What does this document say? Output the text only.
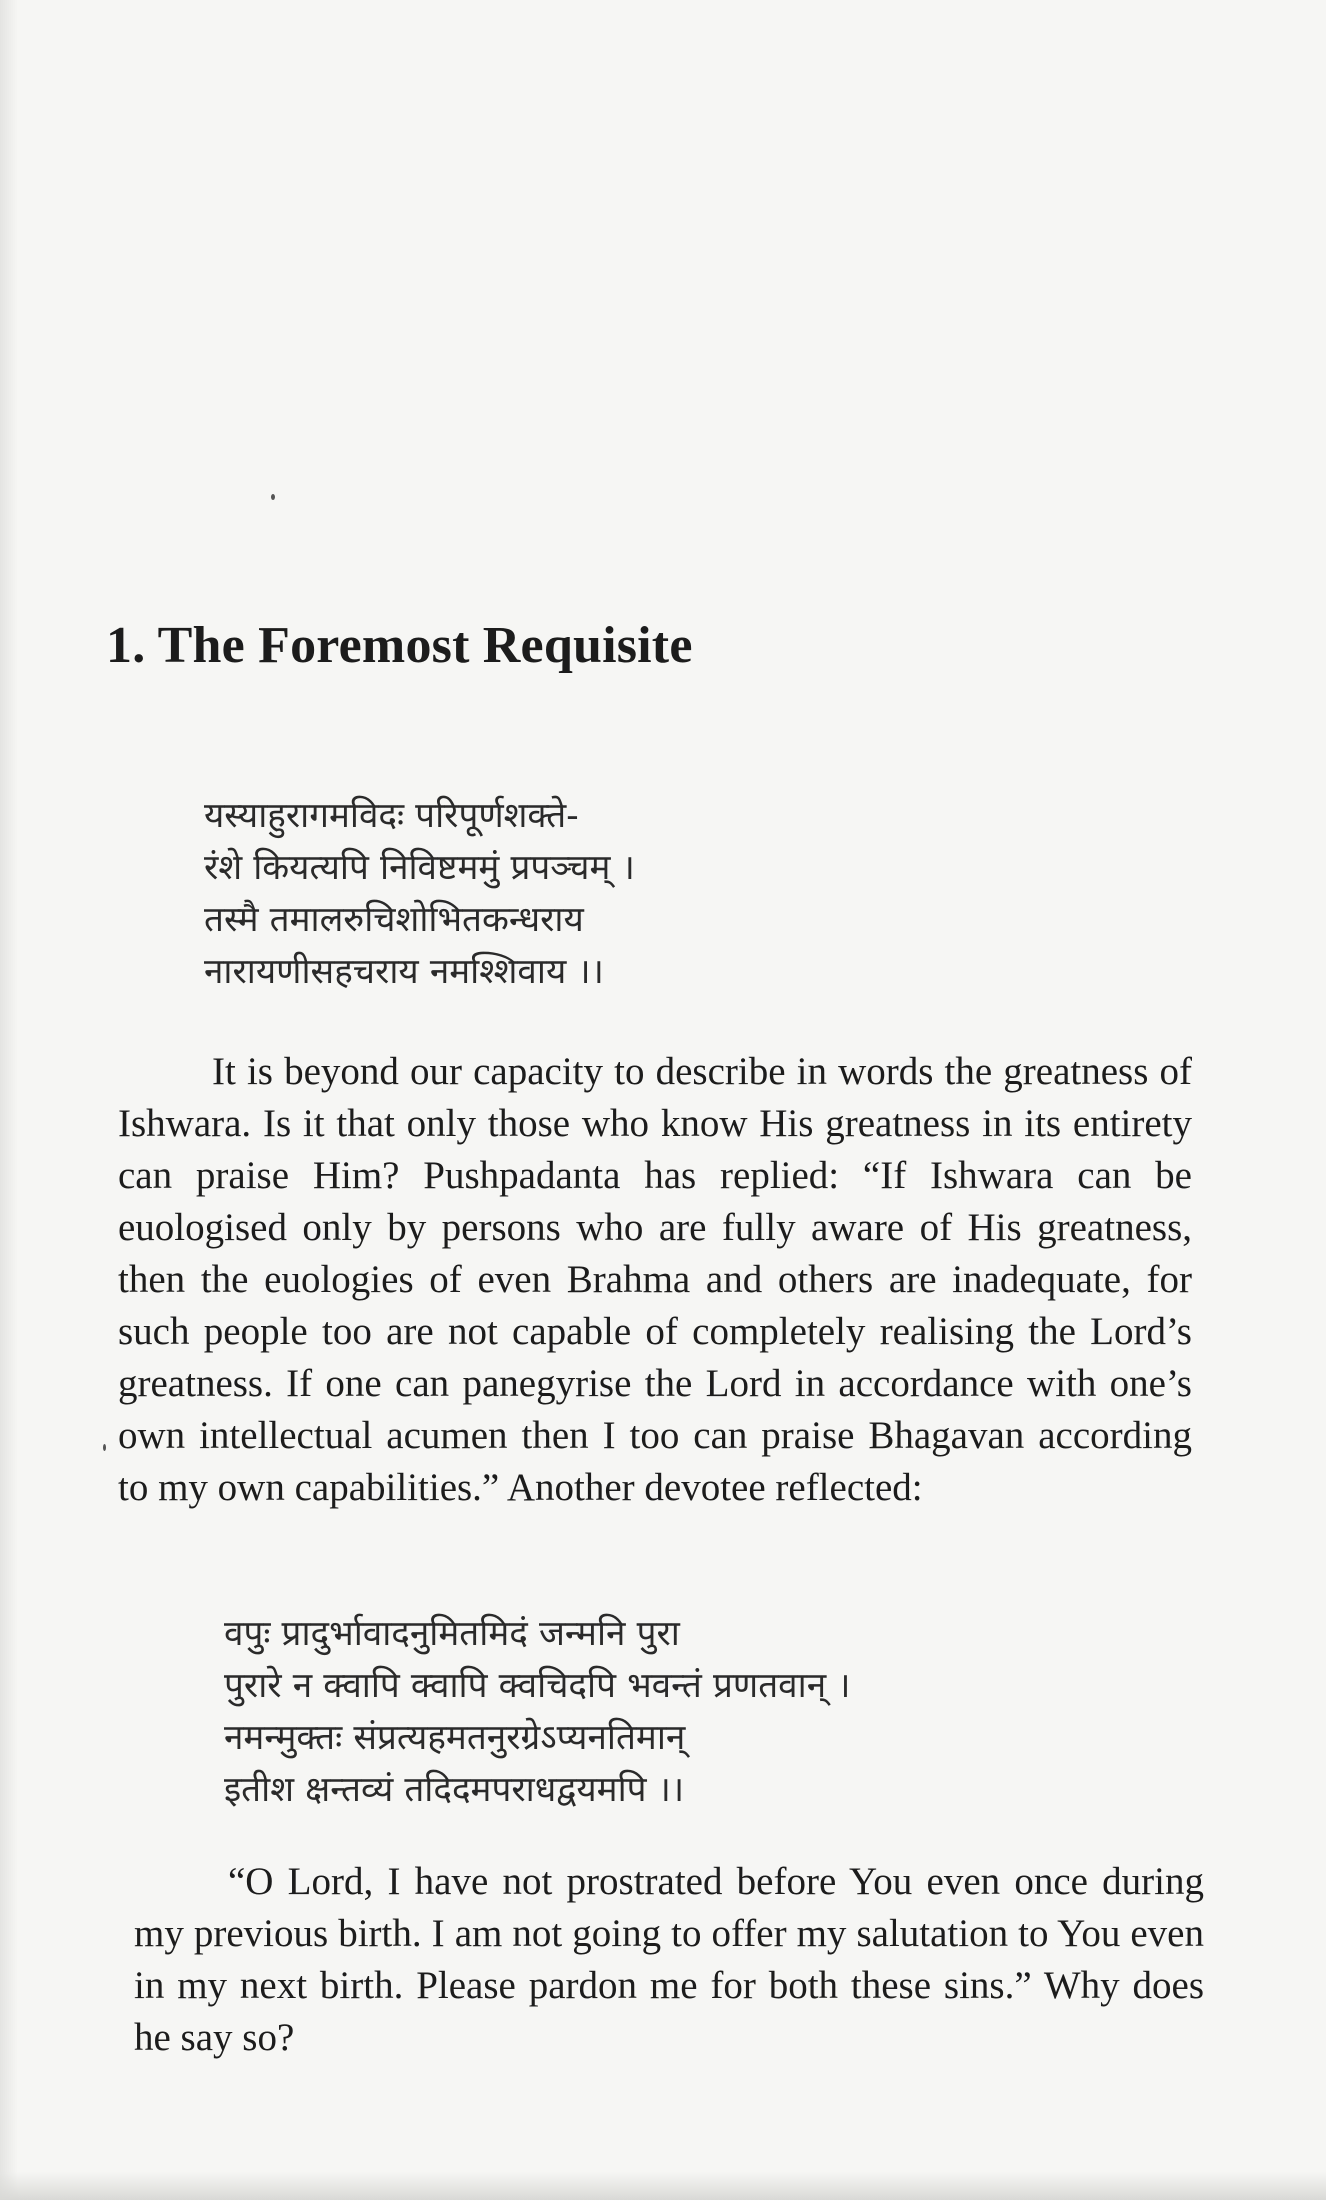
1. The Foremost Requisite
यस्याहुरागमविदः परिपूर्णशक्ते-
रंशे कियत्यपि निविष्टममुं प्रपञ्चम् ।
तस्मै तमालरुचिशोभितकन्धराय
नारायणीसहचराय नमश्शिवाय ।।

It is beyond our capacity to describe in words the greatness of Ishwara. Is it that only those who know His greatness in its entirety can praise Him? Pushpadanta has replied: “If Ishwara can be euologised only by persons who are fully aware of His greatness, then the euologies of even Brahma and others are inadequate, for such people too are not capable of completely realising the Lord’s greatness. If one can panegyrise the Lord in accordance with one’s own intellectual acumen then I too can praise Bhagavan according to my own capabilities.” Another devotee reflected:

वपुः प्रादुर्भावादनुमितमिदं जन्मनि पुरा
पुरारे न क्वापि क्वापि क्वचिदपि भवन्तं प्रणतवान् ।
नमन्मुक्तः संप्रत्यहमतनुरग्रेऽप्यनतिमान्
इतीश क्षन्तव्यं तदिदमपराधद्वयमपि ।।

“O Lord, I have not prostrated before You even once during my previous birth. I am not going to offer my salutation to You even in my next birth. Please pardon me for both these sins.” Why does he say so?
